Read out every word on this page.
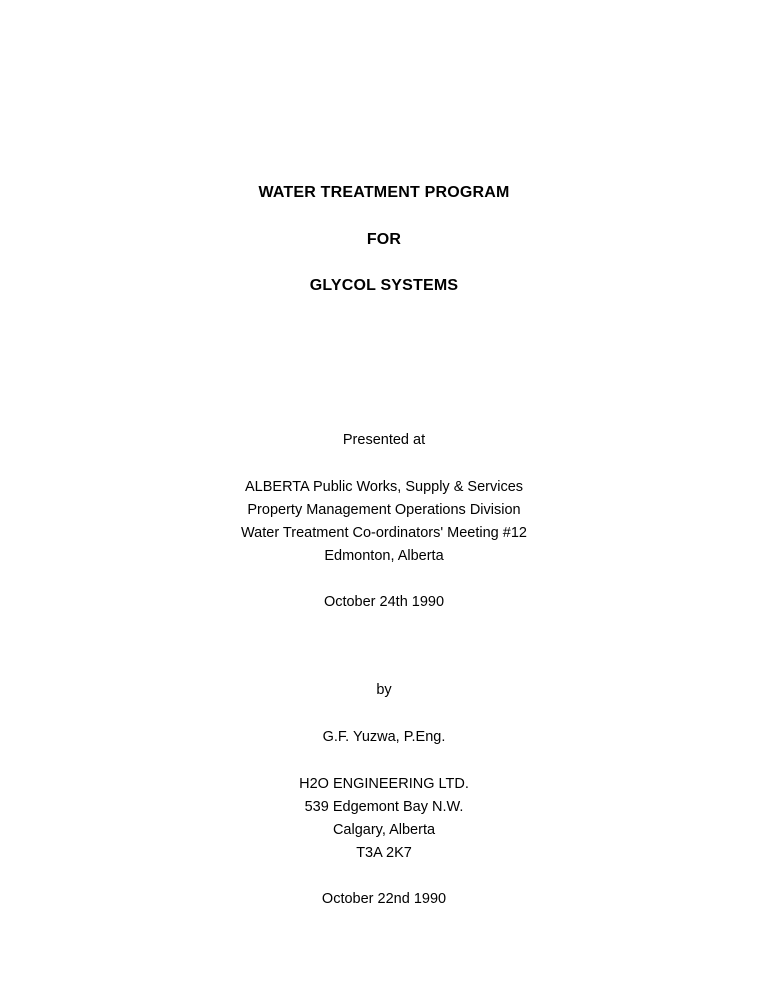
WATER TREATMENT PROGRAM
FOR
GLYCOL SYSTEMS
Presented at
ALBERTA Public Works, Supply & Services
Property Management Operations Division
Water Treatment Co-ordinators' Meeting #12
Edmonton, Alberta
October 24th 1990
by
G.F. Yuzwa, P.Eng.
H2O ENGINEERING LTD.
539 Edgemont Bay N.W.
Calgary, Alberta
T3A 2K7
October 22nd 1990
